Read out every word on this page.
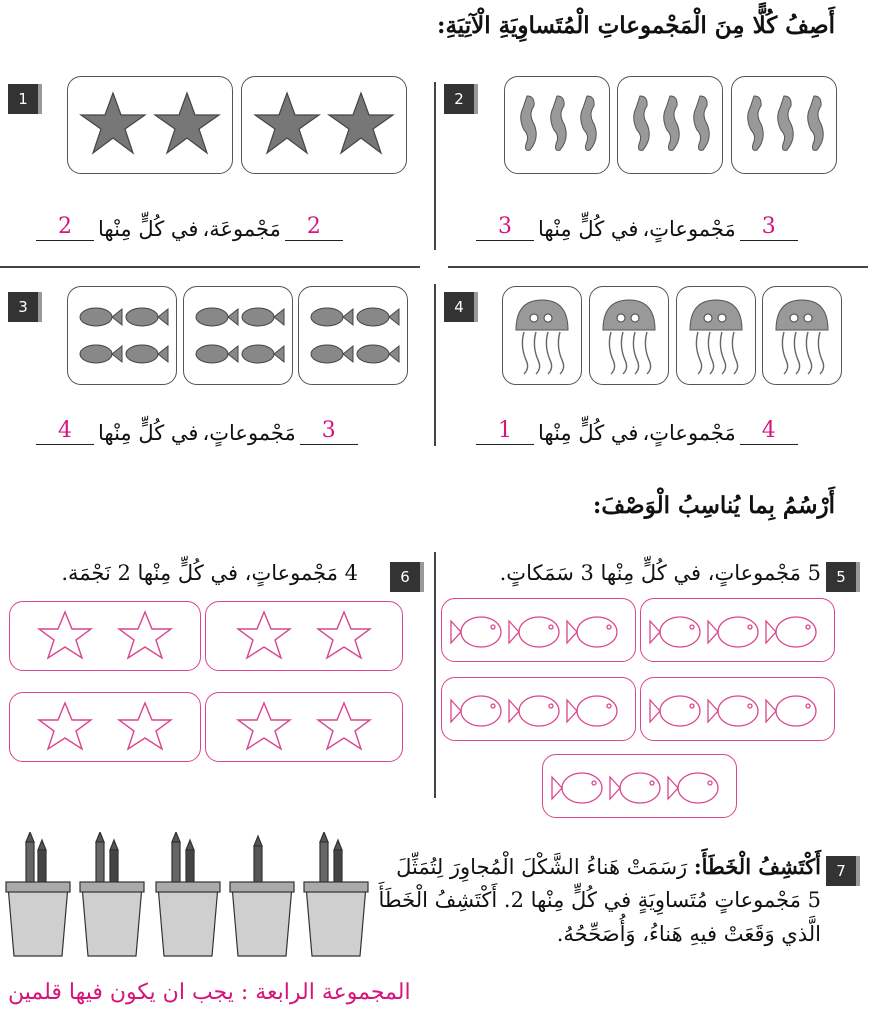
أَصِفُ كُلًّا مِنَ الْمَجْموعاتِ الْمُتَساوِيَةِ الْآتِيَةِ:
1
2
مَجْموعَة،
في كُلٍّ مِنْها
2
2
3
مَجْموعاتٍ،
في كُلٍّ مِنْها
3
3
3
مَجْموعاتٍ،
في كُلٍّ مِنْها
4
4
4
مَجْموعاتٍ،
في كُلٍّ مِنْها
1
أَرْسُمُ بِما يُناسِبُ الْوَصْفَ:
5
5 مَجْموعاتٍ، في كُلٍّ مِنْها 3 سَمَكاتٍ.
6
4 مَجْموعاتٍ، في كُلٍّ مِنْها 2 نَجْمَة.
7
أَكْتَشِفُ الْخَطَأَ: رَسَمَتْ هَناءُ الشَّكْلَ الْمُجاوِرَ لِتُمَثِّلَ
5 مَجْموعاتٍ مُتَساوِيَةٍ في كُلٍّ مِنْها 2. أَكْتَشِفُ الْخَطَأَ
الَّذي وَقَعَتْ فيهِ هَناءُ، وَأُصَحِّحُهُ.
المجموعة الرابعة : يجب ان يكون فيها قلمين
